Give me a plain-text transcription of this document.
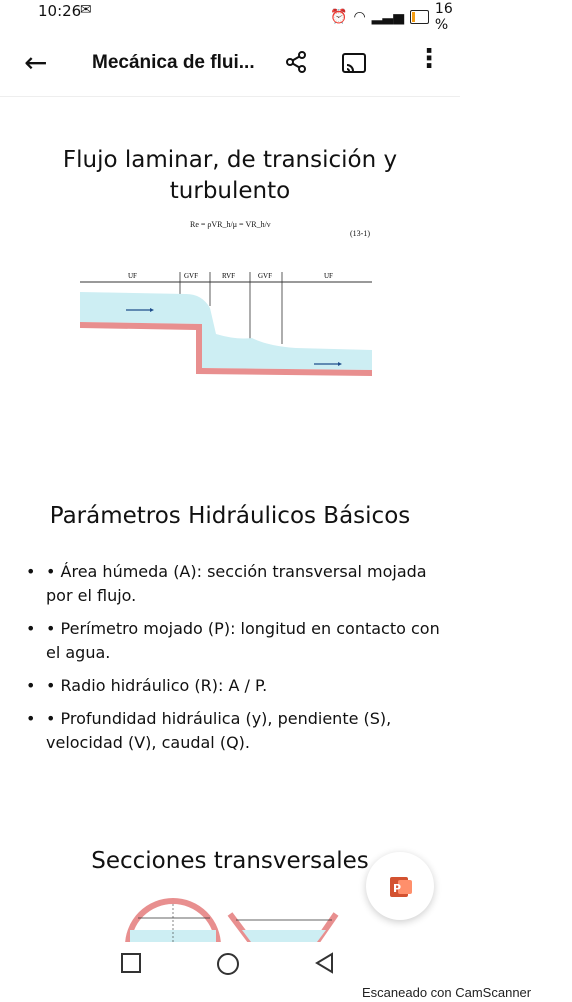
10:26
✉	⏰ ◠ ▂▃▅ 16 %
← Mecánica de flui...	⋮
Flujo laminar, de transición y turbulento
Re = ρVR_h/μ = VR_h/ν
(13-1)
UF	GVF	RVF	GVF	UF
Parámetros Hidráulicos Básicos
• • Área húmeda (A): sección transversal mojada por el flujo.
• • Perímetro mojado (P): longitud en contacto con el agua.
• • Radio hidráulico (R): A / P.
• • Profundidad hidráulica (y), pendiente (S), velocidad (V), caudal (Q).
Secciones transversales
P
Escaneado con CamScanner
